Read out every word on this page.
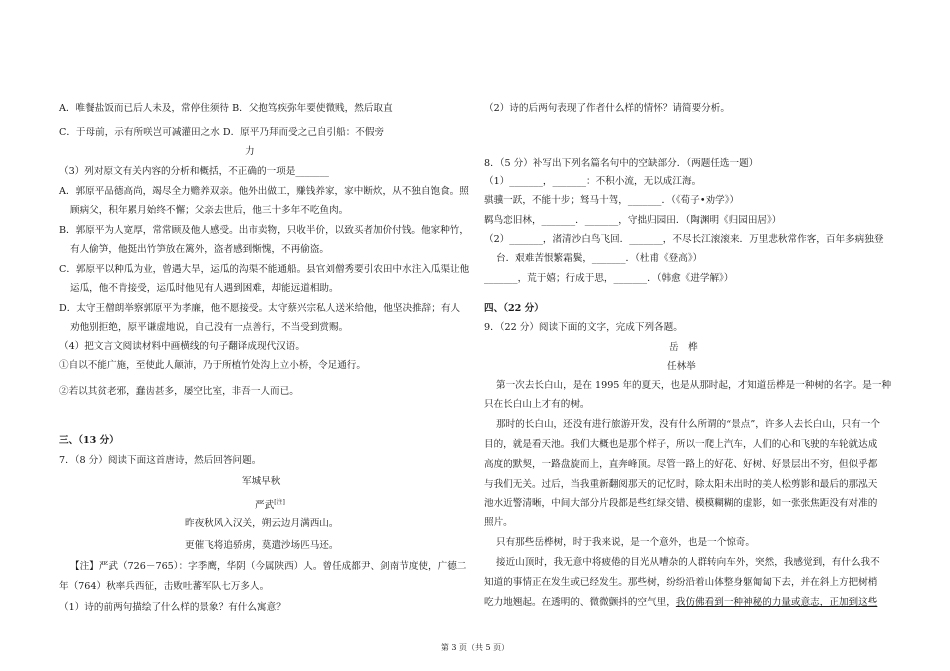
A．唯餐盐饭而已后人未及，常停住须待 B．父抱笃疾弥年要使微贱，然后取直
C．于母前，示有所咲岂可减灌田之水 D．原平乃拜而受之己自引船：不假旁
力
（3）列对原文有关内容的分析和概括，不正确的一项是_______
A．郭原平品德高尚，竭尽全力赡养双亲。他外出做工，赚钱养家，家中断炊，从不独自饱食。照
顾病父，积年累月始终不懈；父亲去世后，他三十多年不吃鱼肉。
B．郭原平为人宽厚，常常顾及他人感受。出市卖物，只收半价，以致买者加价付钱。他家种竹，
有人偷笋，他挺出竹笋放在篱外，盗者感到惭愧，不再偷盗。
C．郭原平以种瓜为业，曾遇大旱，运瓜的沟渠不能通船。县官刘僧秀要引农田中水注入瓜渠让他
运瓜，他不肯接受，运瓜时他见有人遇到困难，却能远道相助。
D．太守王僧朗举察郭原平为孝廉，他不愿接受。太守蔡兴宗私人送米给他，他坚决推辞；有人
劝他别拒绝，原平谦虚地说，自己没有一点善行，不当受到赏赐。
（4）把文言文阅读材料中画横线的句子翻译成现代汉语。
①自以不能广施，至使此人颠沛，乃于所植竹处沟上立小桥，令足通行。
②若以其贫老邪，蠢齿甚多，屡空比室，非吾一人而已。
三、（13 分）
7．（8 分）阅读下面这首唐诗，然后回答问题。
军城早秋
严武[注]
昨夜秋风入汉关，朔云边月满西山。
更催飞将追骄虏，莫遣沙场匹马还。
【注】严武（726－765）：字季鹰，华阴（今属陕西）人。曾任成都尹、剑南节度使，广德二
年（764）秋率兵西征，击败吐蕃军队七万多人。
（1）诗的前两句描绘了什么样的景象？有什么寓意？
（2）诗的后两句表现了作者什么样的情怀？请简要分析。
8．（5 分）补写出下列名篇名句中的空缺部分．（两题任选一题）
（1）_______，_______：不积小流，无以成江海。
骐骥一跃，不能十步；驽马十驾，_______．（《荀子•劝学》）
羁鸟恋旧林，_______．_______，守拙归园田．（陶渊明《归园田居》）
（2）_______，渚清沙白鸟飞回．_______，不尽长江滚滚来．万里悲秋常作客，百年多病独登
台．艰难苦恨繁霜鬓，_______．（杜甫《登高》）
_______，荒于嬉；行成于思，_______．（韩愈《进学解》）
四、（22 分）
9．（22 分）阅读下面的文字，完成下列各题。
岳　桦
任林举
第一次去长白山，是在 1995 年的夏天，也是从那时起，才知道岳桦是一种树的名字。是一种
只在长白山上才有的树。
那时的长白山，还没有进行旅游开发，没有什么所谓的“景点”，许多人去长白山，只有一个
目的，就是看天池。我们大概也是那个样子，所以一爬上汽车，人们的心和飞驶的车轮就达成
高度的默契，一路盘旋而上，直奔峰顶。尽管一路上的好花、好树、好景层出不穷，但似乎都
与我们无关。过后，当我重新翻阅那天的记忆时，除太阳未出时的美人松剪影和最后的那泓天
池水近警清晰，中间大部分片段都是些红绿交错、模模糊糊的虚影，如一张张焦距没有对准的
照片。
只有那些岳桦树，时于我来说，是一个意外，也是一个惊奇。
接近山顶时，我无意中将疲倦的目光从嘈杂的人群转向车外，突然，我感觉到，有什么我不
知道的事情正在发生或已经发生。那些树，纷纷沿着山体整身躯匍匐下去，并在斜上方把树梢
吃力地翘起。在透明的、微微颤抖的空气里，我仿佛看到一种神秘的力量或意志，正加到这些
第 3 页（共 5 页）
